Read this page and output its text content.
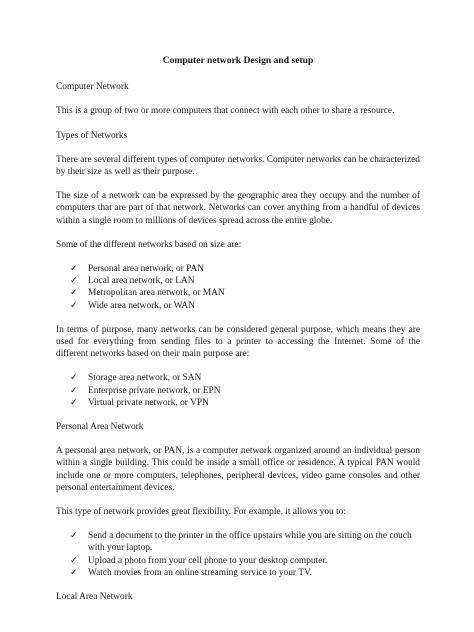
Computer network Design and setup
Computer Network
This is a group of two or more computers that connect with each other to share a resource.
Types of Networks
There are several different types of computer networks. Computer networks can be characterized by their size as well as their purpose.
The size of a network can be expressed by the geographic area they occupy and the number of computers that are part of that network. Networks can cover anything from a handful of devices within a single room to millions of devices spread across the entire globe.
Some of the different networks based on size are:
✓	Personal area network, or PAN
✓	Local area network, or LAN
✓	Metropolitan area network, or MAN
✓	Wide area network, or WAN
In terms of purpose, many networks can be considered general purpose, which means they are used for everything from sending files to a printer to accessing the Internet. Some of the different networks based on their main purpose are:
✓	Storage area network, or SAN
✓	Enterprise private network, or EPN
✓	Virtual private network, or VPN
Personal Area Network
A personal area network, or PAN, is a computer network organized around an individual person within a single building. This could be inside a small office or residence. A typical PAN would include one or more computers, telephones, peripheral devices, video game consoles and other personal entertainment devices.
This type of network provides great flexibility. For example, it allows you to:
✓	Send a document to the printer in the office upstairs while you are sitting on the couch with your laptop.
✓	Upload a photo from your cell phone to your desktop computer.
✓	Watch movies from an online streaming service to your TV.
Local Area Network
